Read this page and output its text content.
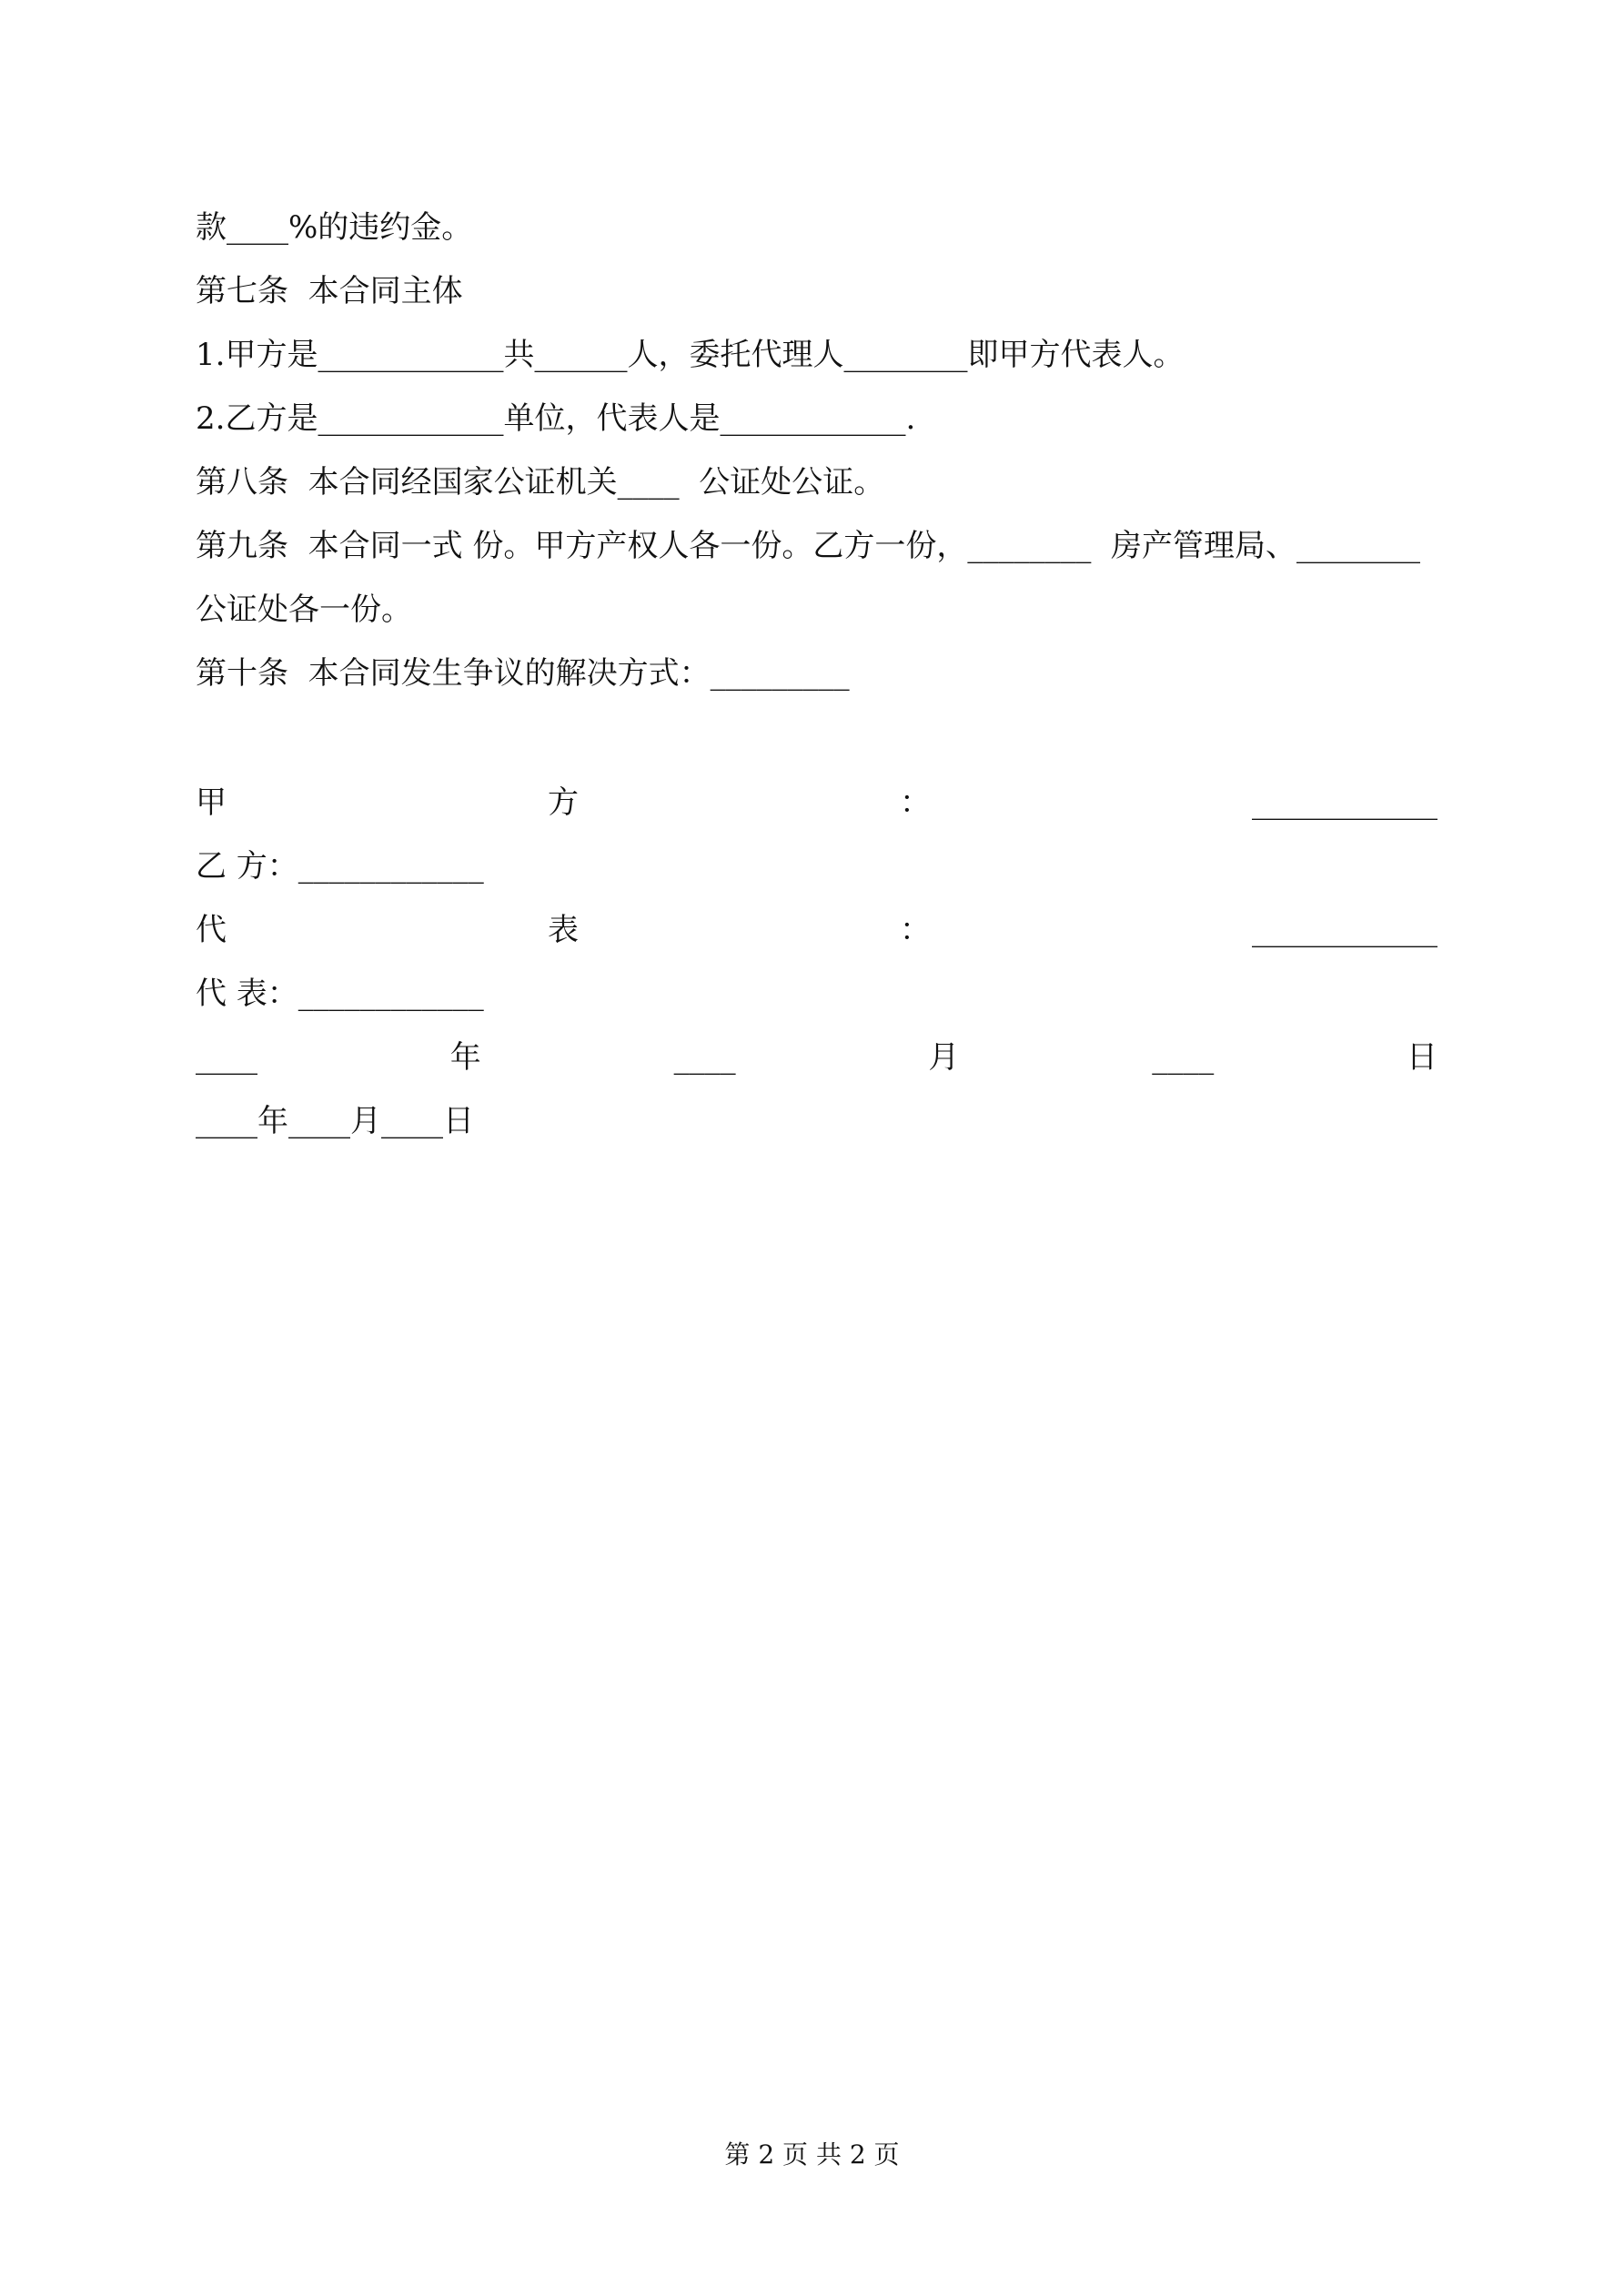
款____%的违约金。
第七条  本合同主体
1.甲方是____________共______人，委托代理人________即甲方代表人。
2.乙方是____________单位，代表人是____________.
第八条  本合同经国家公证机关____  公证处公证。
第九条  本合同一式 份。甲方产权人各一份。乙方一份，________  房产管理局、________
公证处各一份。
第十条  本合同发生争议的解决方式：_________
甲	方	：	____________
乙 方：____________
代	表	：	____________
代 表：____________
____	年	____	月	____	日
____年____月____日
第 2 页 共 2 页
